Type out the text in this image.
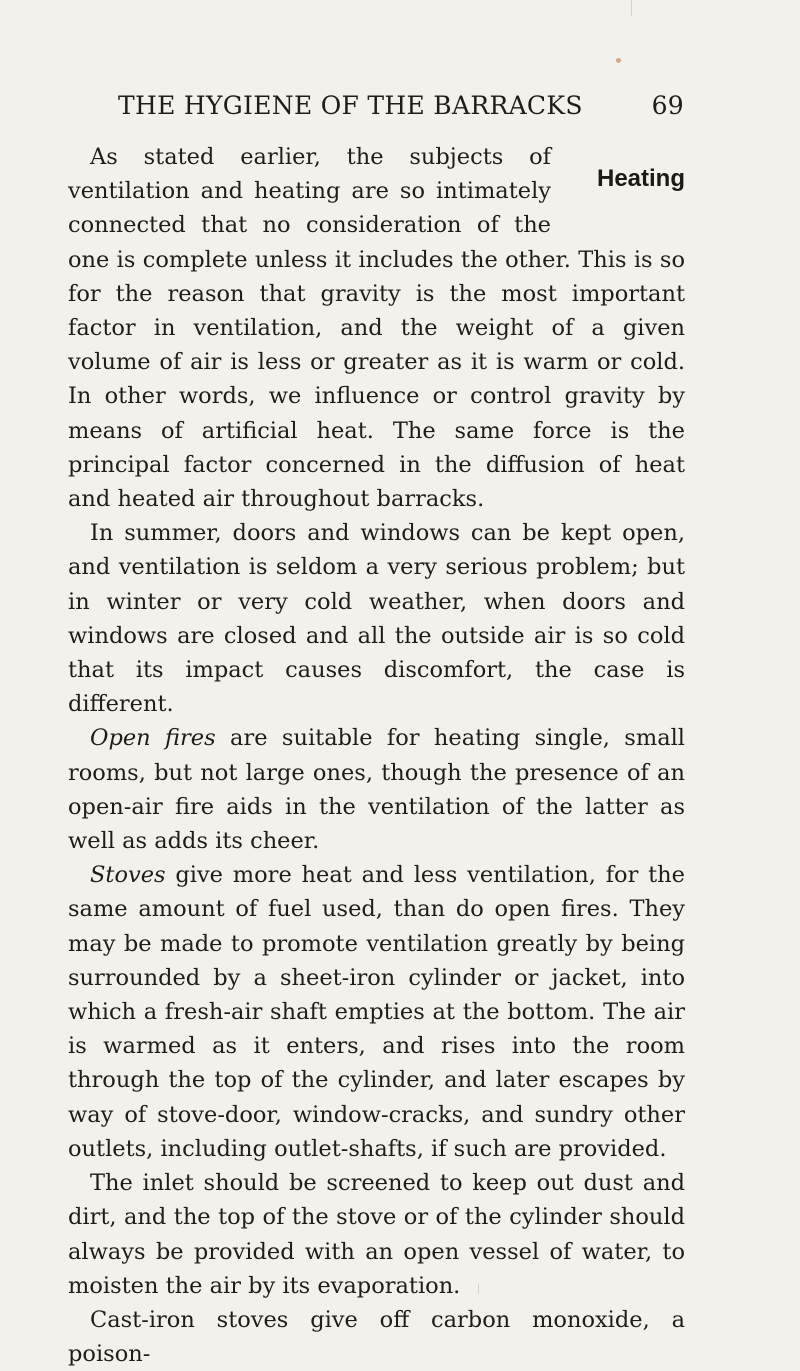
THE HYGIENE OF THE BARRACKS	69

Heating
As stated earlier, the subjects of ventilation and heating are so intimately connected that no consideration of the one is complete unless it includes the other. This is so for the reason that gravity is the most important factor in ventilation, and the weight of a given volume of air is less or greater as it is warm or cold. In other words, we influence or control gravity by means of artificial heat. The same force is the principal factor concerned in the diffusion of heat and heated air throughout barracks.

In summer, doors and windows can be kept open, and ventilation is seldom a very serious problem; but in winter or very cold weather, when doors and windows are closed and all the outside air is so cold that its impact causes discomfort, the case is different.

Open fires are suitable for heating single, small rooms, but not large ones, though the presence of an open-air fire aids in the ventilation of the latter as well as adds its cheer.

Stoves give more heat and less ventilation, for the same amount of fuel used, than do open fires. They may be made to promote ventilation greatly by being surrounded by a sheet-iron cylinder or jacket, into which a fresh-air shaft empties at the bottom. The air is warmed as it enters, and rises into the room through the top of the cylinder, and later escapes by way of stove-door, window-cracks, and sundry other outlets, including outlet-shafts, if such are provided.

The inlet should be screened to keep out dust and dirt, and the top of the stove or of the cylinder should always be provided with an open vessel of water, to moisten the air by its evaporation.

Cast-iron stoves give off carbon monoxide, a poison-
